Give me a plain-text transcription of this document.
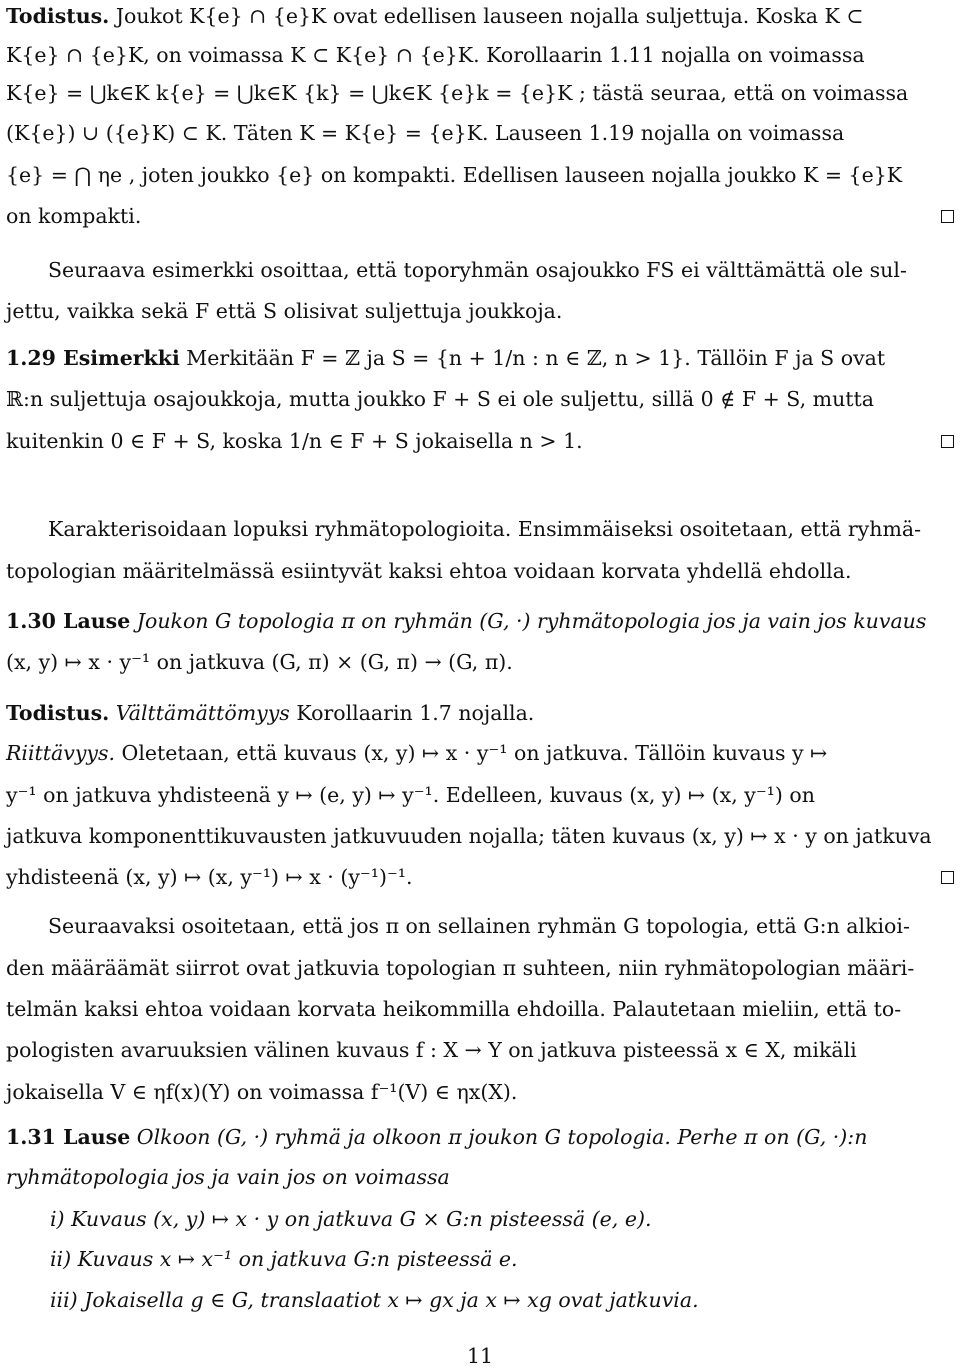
Todistus. Joukot K{e} ∩ {e}K ovat edellisen lauseen nojalla suljettuja. Koska K ⊂
K{e} ∩ {e}K, on voimassa K ⊂ K{e} ∩ {e}K. Korollaarin 1.11 nojalla on voimassa
K{e} = ⋃k∈K k{e} = ⋃k∈K {k} = ⋃k∈K {e}k = {e}K ; tästä seuraa, että on voimassa
(K{e}) ∪ ({e}K) ⊂ K. Täten K = K{e} = {e}K. Lauseen 1.19 nojalla on voimassa
{e} = ⋂ ηe , joten joukko {e} on kompakti. Edellisen lauseen nojalla joukko K = {e}K
on kompakti.
Seuraava esimerkki osoittaa, että toporyhmän osajoukko FS ei välttämättä ole sul-
jettu, vaikka sekä F että S olisivat suljettuja joukkoja.
1.29 Esimerkki Merkitään F = ℤ ja S = {n + 1/n : n ∈ ℤ, n > 1}. Tällöin F ja S ovat
ℝ:n suljettuja osajoukkoja, mutta joukko F + S ei ole suljettu, sillä 0 ∉ F + S, mutta
kuitenkin 0 ∈ F + S, koska 1/n ∈ F + S jokaisella n > 1.
Karakterisoidaan lopuksi ryhmätopologioita. Ensimmäiseksi osoitetaan, että ryhmä-
topologian määritelmässä esiintyvät kaksi ehtoa voidaan korvata yhdellä ehdolla.
1.30 Lause Joukon G topologia π on ryhmän (G, ·) ryhmätopologia jos ja vain jos kuvaus
(x, y) ↦ x · y⁻¹ on jatkuva (G, π) × (G, π) → (G, π).
Todistus. Välttämättömyys Korollaarin 1.7 nojalla.
Riittävyys. Oletetaan, että kuvaus (x, y) ↦ x · y⁻¹ on jatkuva. Tällöin kuvaus y ↦
y⁻¹ on jatkuva yhdisteenä y ↦ (e, y) ↦ y⁻¹. Edelleen, kuvaus (x, y) ↦ (x, y⁻¹) on
jatkuva komponenttikuvausten jatkuvuuden nojalla; täten kuvaus (x, y) ↦ x · y on jatkuva
yhdisteenä (x, y) ↦ (x, y⁻¹) ↦ x · (y⁻¹)⁻¹.
Seuraavaksi osoitetaan, että jos π on sellainen ryhmän G topologia, että G:n alkioi-
den määräämät siirrot ovat jatkuvia topologian π suhteen, niin ryhmätopologian määri-
telmän kaksi ehtoa voidaan korvata heikommilla ehdoilla. Palautetaan mieliin, että to-
pologisten avaruuksien välinen kuvaus f : X → Y on jatkuva pisteessä x ∈ X, mikäli
jokaisella V ∈ ηf(x)(Y) on voimassa f⁻¹(V) ∈ ηx(X).
1.31 Lause Olkoon (G, ·) ryhmä ja olkoon π joukon G topologia. Perhe π on (G, ·):n
ryhmätopologia jos ja vain jos on voimassa
i) Kuvaus (x, y) ↦ x · y on jatkuva G × G:n pisteessä (e, e).
ii) Kuvaus x ↦ x⁻¹ on jatkuva G:n pisteessä e.
iii) Jokaisella g ∈ G, translaatiot x ↦ gx ja x ↦ xg ovat jatkuvia.
11
